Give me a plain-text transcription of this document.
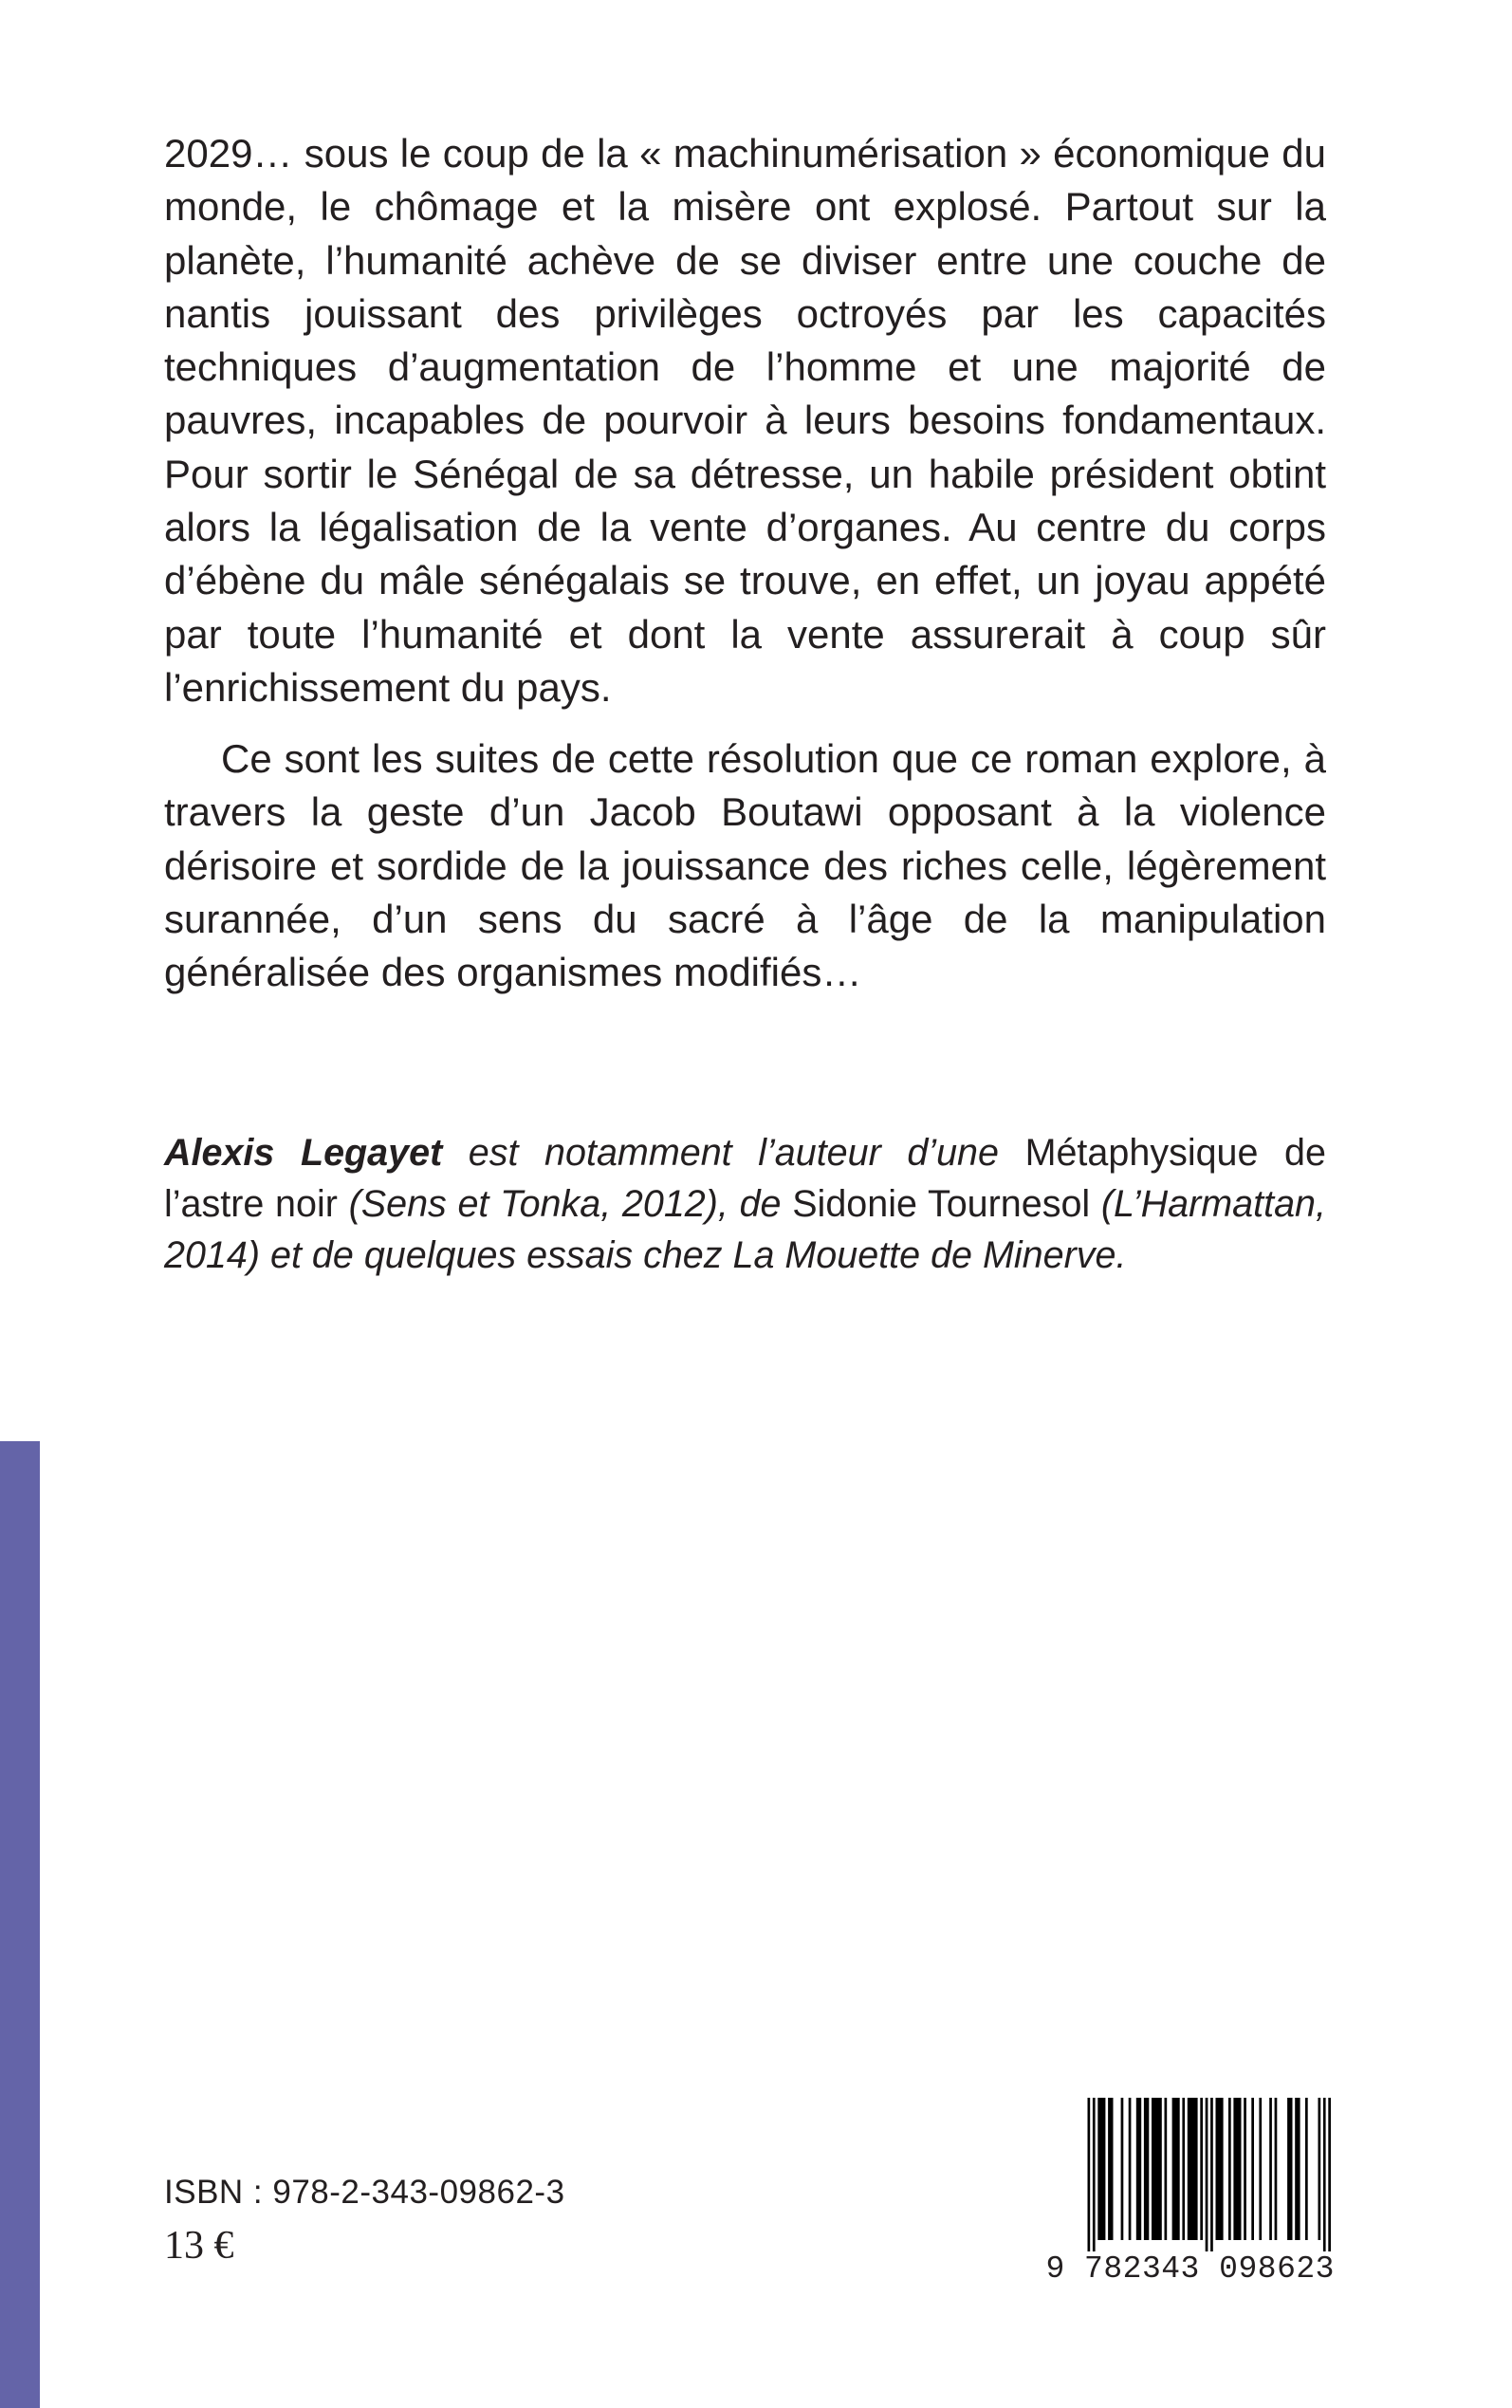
2029… sous le coup de la « machinumérisation » économique du monde, le chômage et la misère ont explosé. Partout sur la planète, l’humanité achève de se diviser entre une couche de nantis jouissant des privilèges octroyés par les capacités techniques d’augmentation de l’homme et une majorité de pauvres, incapables de pourvoir à leurs besoins fondamentaux. Pour sortir le Sénégal de sa détresse, un habile président obtint alors la légalisation de la vente d’organes. Au centre du corps d’ébène du mâle sénégalais se trouve, en effet, un joyau appété par toute l’humanité et dont la vente assurerait à coup sûr l’enrichissement du pays.

Ce sont les suites de cette résolution que ce roman explore, à travers la geste d’un Jacob Boutawi opposant à la violence dérisoire et sordide de la jouissance des riches celle, légèrement surannée, d’un sens du sacré à l’âge de la manipulation généralisée des organismes modifiés…

Alexis Legayet est notamment l’auteur d’une Métaphysique de l’astre noir (Sens et Tonka, 2012), de Sidonie Tournesol (L’Harmattan, 2014) et de quelques essais chez La Mouette de Minerve.

ISBN : 978-2-343-09862-3
13 €
9 782343 098623
